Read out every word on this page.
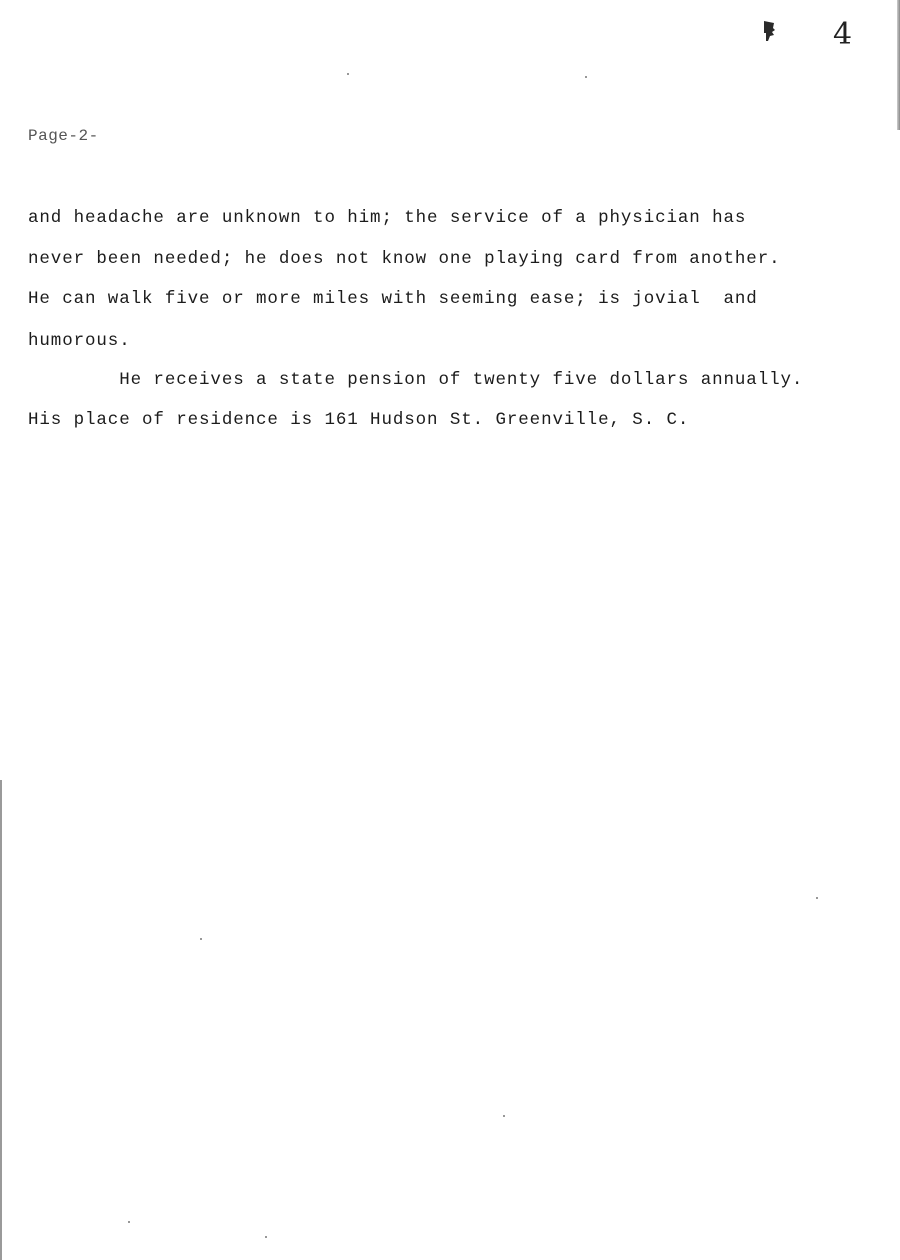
4
Page-2-
and headache are unknown to him; the service of a physician has
never been needed; he does not know one playing card from another.
He can walk five or more miles with seeming ease; is jovial  and
humorous.
He receives a state pension of twenty five dollars annually.
His place of residence is 161 Hudson St. Greenville, S. C.
